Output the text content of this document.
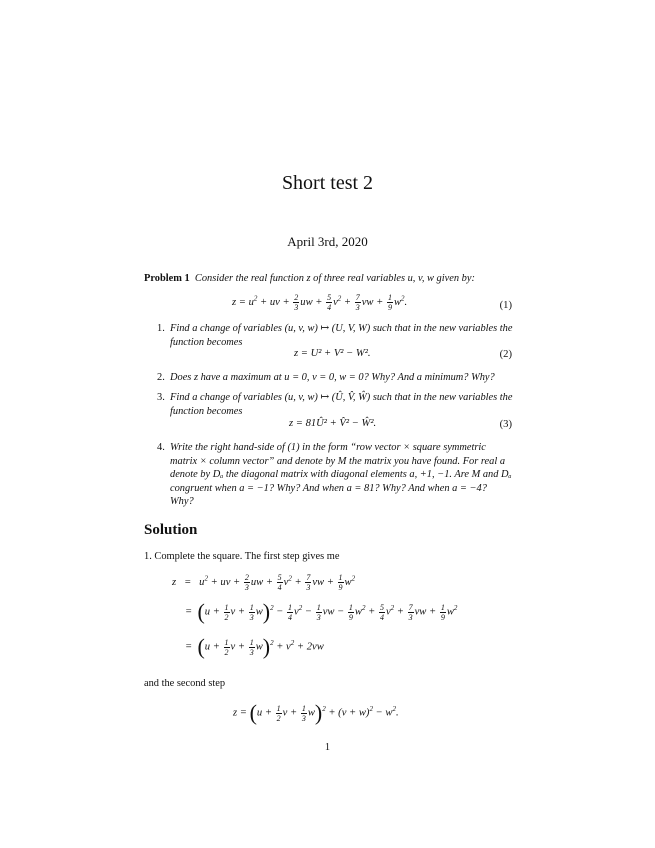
Short test 2
April 3rd, 2020
Problem 1 Consider the real function z of three real variables u, v, w given by:
$z = u^2$ + uv + $\frac{2}{3}$ uw + $\frac{5}{4} v^2 + \frac{7}{3}$ vw + $\frac{1}{9} w^2$.	(1)
1. Find a change of variables (u, v, w) ↦ (U, V, W) such that in the new variables the function becomes
z = U² + V² − W².	(2)
2. Does z have a maximum at u = 0, v = 0, w = 0? Why? And a minimum? Why?
3. Find a change of variables (u, v, w) ↦ (Û, V̂, Ŵ) such that in the new variables the function becomes
z = 81Û² + V̂² − Ŵ².	(3)
4. Write the right hand-side of (1) in the form “row vector × square symmetric matrix × column vector” and denote by M the matrix you have found. For real a denote by Dₐ the diagonal matrix with diagonal elements a, +1, −1. Are M and Dₐ congruent when a = −1? Why? And when a = 81? Why? And when a = −4? Why?
Solution
1. Complete the square. The first step gives me
$z = u^2$ + uv + $\frac{2}{3}$ uw + $\frac{5}{4} v^2 + \frac{7}{3}$ vw + $\frac{1}{9} w^2$
=  ($u + \frac{1}{2}$ $v + \frac{1}{3} w)^2 - \frac{1}{4} v^2 - \frac{1}{3}$ vw − $\frac{1}{9} w^2 + \frac{5}{4} v^2 + \frac{7}{3}$ vw + $\frac{1}{9} w^2$
=  ($u + \frac{1}{2}$ $v + \frac{1}{3} w)^2 + v^2 + 2vw$
and the second step
$z = (u + \frac{1}{2}$ $v + \frac{1}{3} w)^2 + (v + w)^2 - w^2$.
1
